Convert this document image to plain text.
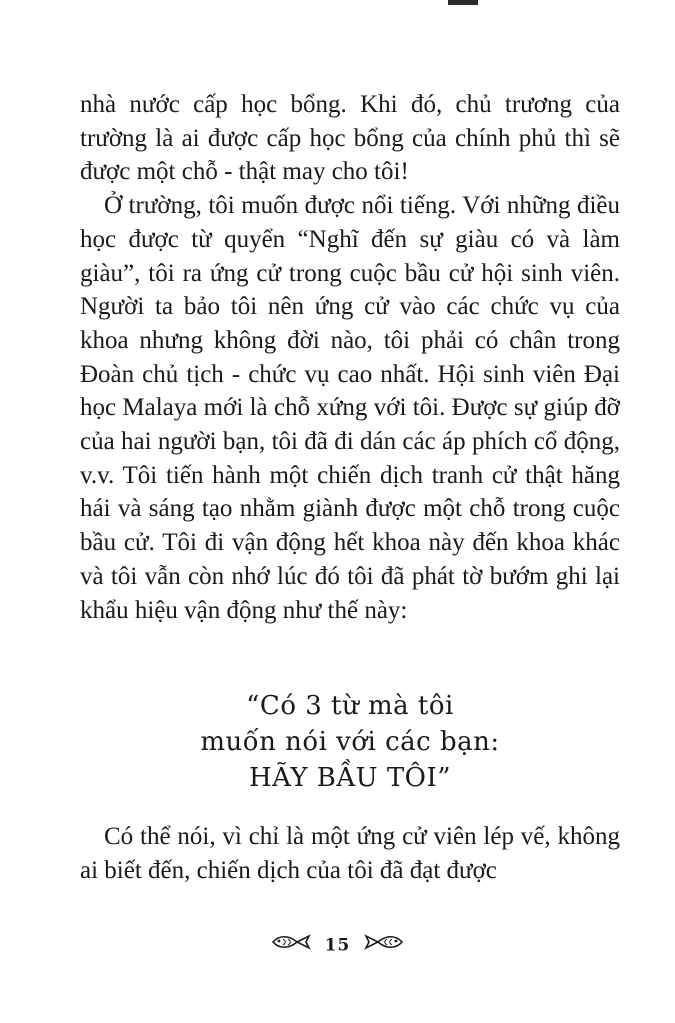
nhà nước cấp học bổng. Khi đó, chủ trương của trường là ai được cấp học bổng của chính phủ thì sẽ được một chỗ - thật may cho tôi!

Ở trường, tôi muốn được nổi tiếng. Với những điều học được từ quyển “Nghĩ đến sự giàu có và làm giàu”, tôi ra ứng cử trong cuộc bầu cử hội sinh viên. Người ta bảo tôi nên ứng cử vào các chức vụ của khoa nhưng không đời nào, tôi phải có chân trong Đoàn chủ tịch - chức vụ cao nhất. Hội sinh viên Đại học Malaya mới là chỗ xứng với tôi. Được sự giúp đỡ của hai người bạn, tôi đã đi dán các áp phích cổ động, v.v. Tôi tiến hành một chiến dịch tranh cử thật hăng hái và sáng tạo nhằm giành được một chỗ trong cuộc bầu cử. Tôi đi vận động hết khoa này đến khoa khác và tôi vẫn còn nhớ lúc đó tôi đã phát tờ bướm ghi lại khẩu hiệu vận động như thế này:

“Có 3 từ mà tôi
muốn nói với các bạn:
HÃY BẦU TÔI”

Có thể nói, vì chỉ là một ứng cử viên lép vế, không ai biết đến, chiến dịch của tôi đã đạt được

15
